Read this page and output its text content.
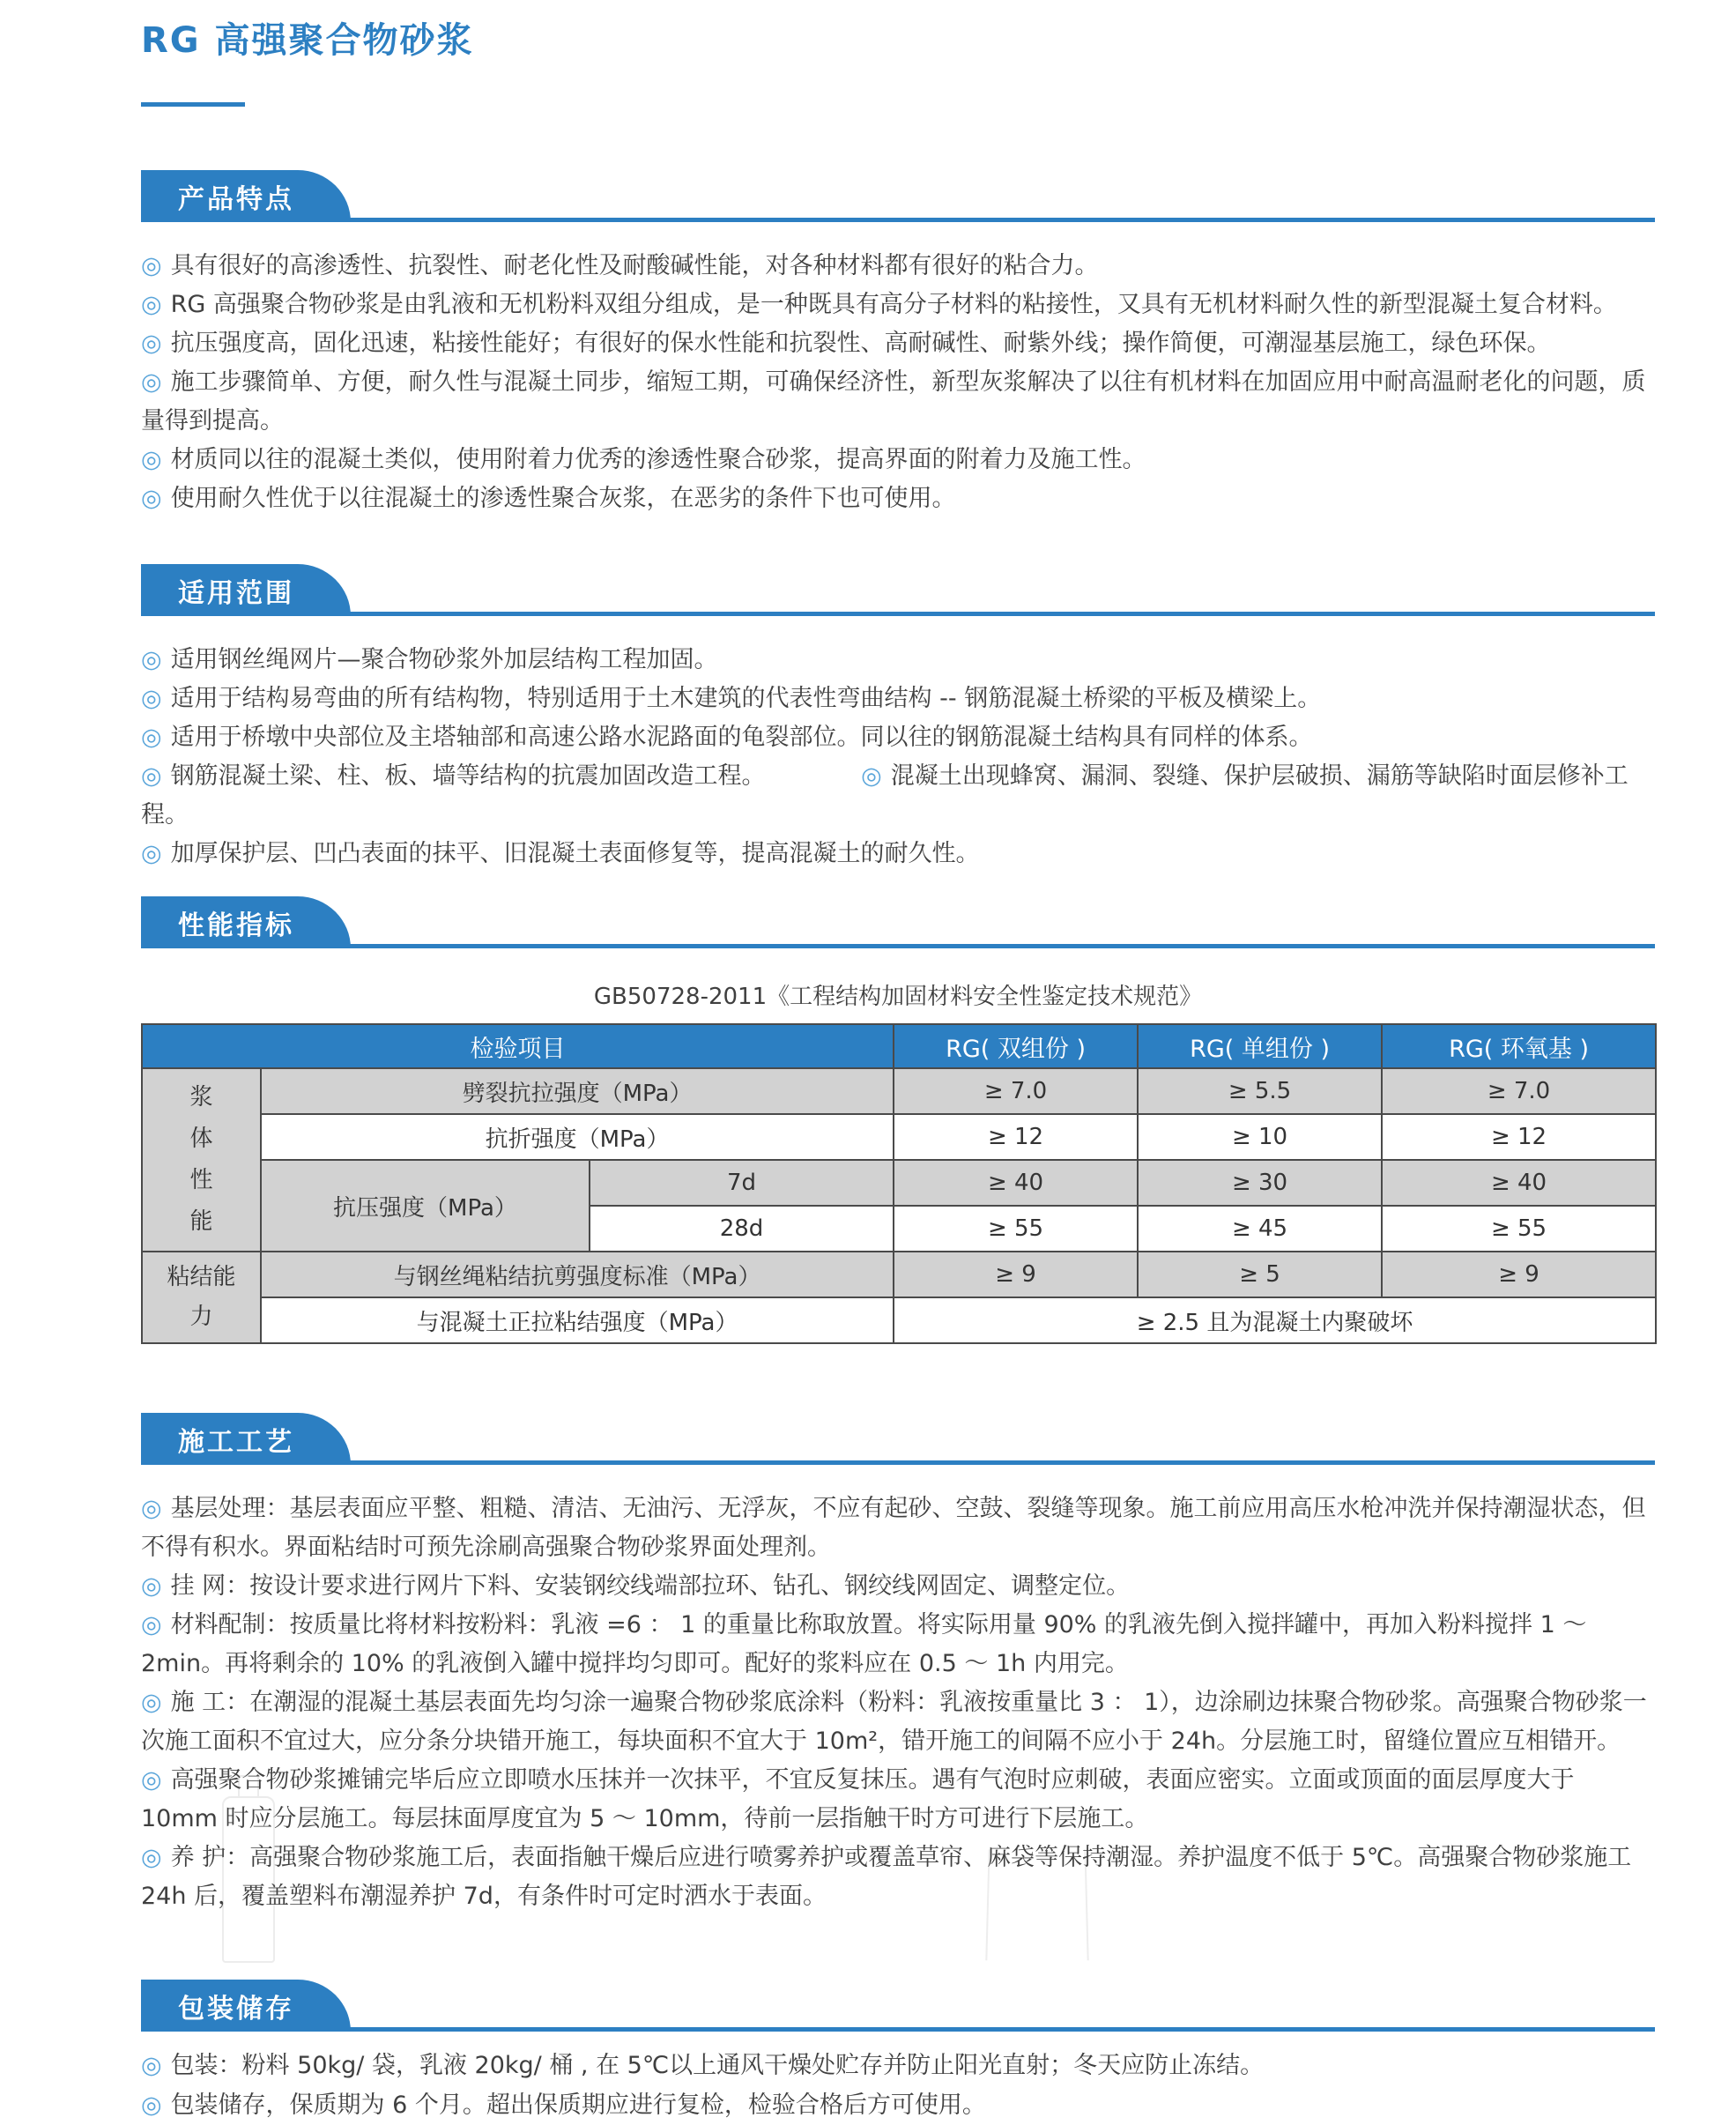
RG 高强聚合物砂浆
产品特点
◎ 具有很好的高渗透性、抗裂性、耐老化性及耐酸碱性能，对各种材料都有很好的粘合力。
◎ RG 高强聚合物砂浆是由乳液和无机粉料双组分组成，是一种既具有高分子材料的粘接性，又具有无机材料耐久性的新型混凝土复合材料。
◎ 抗压强度高，固化迅速，粘接性能好；有很好的保水性能和抗裂性、高耐碱性、耐紫外线；操作简便，可潮湿基层施工，绿色环保。
◎ 施工步骤简单、方便，耐久性与混凝土同步，缩短工期，可确保经济性，新型灰浆解决了以往有机材料在加固应用中耐高温耐老化的问题，质量得到提高。
◎ 材质同以往的混凝土类似，使用附着力优秀的渗透性聚合砂浆，提高界面的附着力及施工性。
◎ 使用耐久性优于以往混凝土的渗透性聚合灰浆，在恶劣的条件下也可使用。
适用范围
◎ 适用钢丝绳网片—聚合物砂浆外加层结构工程加固。
◎ 适用于结构易弯曲的所有结构物，特别适用于土木建筑的代表性弯曲结构 -- 钢筋混凝土桥梁的平板及横梁上。
◎ 适用于桥墩中央部位及主塔轴部和高速公路水泥路面的龟裂部位。同以往的钢筋混凝土结构具有同样的体系。
◎ 钢筋混凝土梁、柱、板、墙等结构的抗震加固改造工程。	◎ 混凝土出现蜂窝、漏洞、裂缝、保护层破损、漏筋等缺陷时面层修补工程。
◎ 加厚保护层、凹凸表面的抹平、旧混凝土表面修复等，提高混凝土的耐久性。
性能指标
GB50728-2011《工程结构加固材料安全性鉴定技术规范》
检验项目			RG( 双组份 )	RG( 单组份 )	RG( 环氧基 )
浆体性能	劈裂抗拉强度（MPa）		≥ 7.0	≥ 5.5	≥ 7.0
	抗折强度（MPa）		≥ 12	≥ 10	≥ 12
	抗压强度（MPa）	7d	≥ 40	≥ 30	≥ 40
		28d	≥ 55	≥ 45	≥ 55
粘结能力	与钢丝绳粘结抗剪强度标准（MPa）		≥ 9	≥ 5	≥ 9
	与混凝土正拉粘结强度（MPa）		≥ 2.5 且为混凝土内聚破坏		
施工工艺
◎ 基层处理：基层表面应平整、粗糙、清洁、无油污、无浮灰，不应有起砂、空鼓、裂缝等现象。施工前应用高压水枪冲洗并保持潮湿状态，但不得有积水。界面粘结时可预先涂刷高强聚合物砂浆界面处理剂。
◎ 挂 网：按设计要求进行网片下料、安装钢绞线端部拉环、钻孔、钢绞线网固定、调整定位。
◎ 材料配制：按质量比将材料按粉料：乳液 =6 ： 1 的重量比称取放置。将实际用量 90% 的乳液先倒入搅拌罐中，再加入粉料搅拌 1 ～ 2min。再将剩余的 10% 的乳液倒入罐中搅拌均匀即可。配好的浆料应在 0.5 ～ 1h 内用完。
◎ 施 工：在潮湿的混凝土基层表面先均匀涂一遍聚合物砂浆底涂料（粉料：乳液按重量比 3 ： 1），边涂刷边抹聚合物砂浆。高强聚合物砂浆一次施工面积不宜过大，应分条分块错开施工，每块面积不宜大于 10m²，错开施工的间隔不应小于 24h。分层施工时，留缝位置应互相错开。
◎ 高强聚合物砂浆摊铺完毕后应立即喷水压抹并一次抹平，不宜反复抹压。遇有气泡时应刺破，表面应密实。立面或顶面的面层厚度大于 10mm 时应分层施工。每层抹面厚度宜为 5 ～ 10mm，待前一层指触干时方可进行下层施工。
◎ 养 护：高强聚合物砂浆施工后，表面指触干燥后应进行喷雾养护或覆盖草帘、麻袋等保持潮湿。养护温度不低于 5℃。高强聚合物砂浆施工 24h 后，覆盖塑料布潮湿养护 7d，有条件时可定时洒水于表面。
包装储存
◎ 包装：粉料 50kg/ 袋，乳液 20kg/ 桶 , 在 5℃以上通风干燥处贮存并防止阳光直射；冬天应防止冻结。
◎ 包装储存，保质期为 6 个月。超出保质期应进行复检，检验合格后方可使用。
